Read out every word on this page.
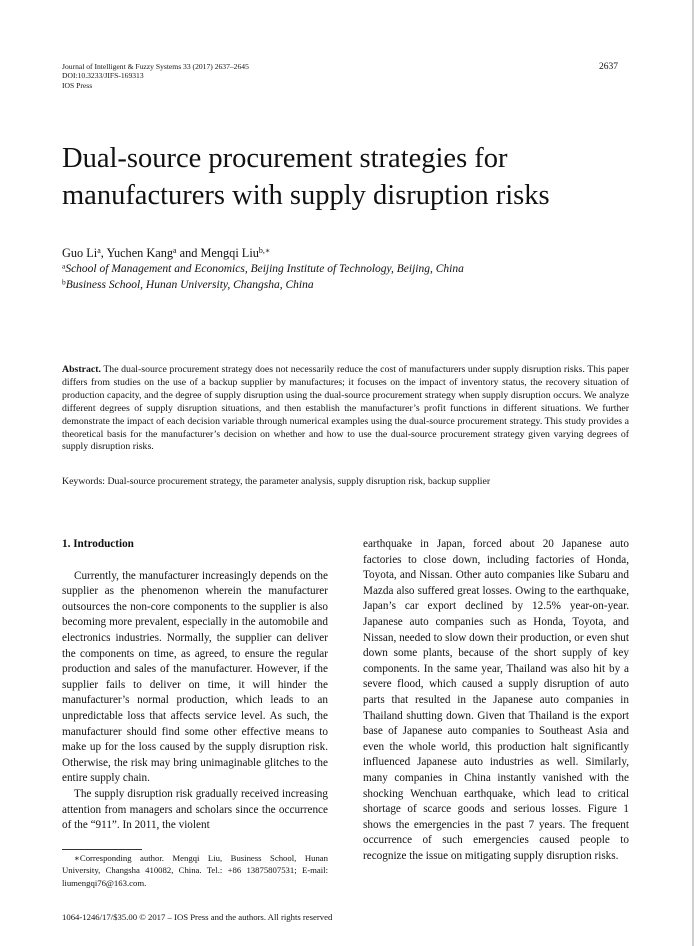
Journal of Intelligent & Fuzzy Systems 33 (2017) 2637–2645
DOI:10.3233/JIFS-169313
IOS Press
2637
Dual-source procurement strategies for
manufacturers with supply disruption risks
Guo Li$^a$, Yuchen Kang$^a$ and Mengqi Liu$^{b,∗}$
$^a$School of Management and Economics, Beijing Institute of Technology, Beijing, China
$^b$Business School, Hunan University, Changsha, China

Abstract. The dual-source procurement strategy does not necessarily reduce the cost of manufacturers under supply disruption risks. This paper differs from studies on the use of a backup supplier by manufactures; it focuses on the impact of inventory status, the recovery situation of production capacity, and the degree of supply disruption using the dual-source procurement strategy when supply disruption occurs. We analyze different degrees of supply disruption situations, and then establish the manufacturer’s profit functions in different situations. We further demonstrate the impact of each decision variable through numerical examples using the dual-source procurement strategy. This study provides a theoretical basis for the manufacturer’s decision on whether and how to use the dual-source procurement strategy given varying degrees of supply disruption risks.

Keywords: Dual-source procurement strategy, the parameter analysis, supply disruption risk, backup supplier
1. Introduction

Currently, the manufacturer increasingly depends on the supplier as the phenomenon wherein the manufacturer outsources the non-core components to the supplier is also becoming more prevalent, especially in the automobile and electronics industries. Normally, the supplier can deliver the components on time, as agreed, to ensure the regular production and sales of the manufacturer. However, if the supplier fails to deliver on time, it will hinder the manufacturer’s normal production, which leads to an unpredictable loss that affects service level. As such, the manufacturer should find some other effective means to make up for the loss caused by the supply disruption risk. Otherwise, the risk may bring unimaginable glitches to the entire supply chain.

The supply disruption risk gradually received increasing attention from managers and scholars since the occurrence of the “911”. In 2011, the violent

earthquake in Japan, forced about 20 Japanese auto factories to close down, including factories of Honda, Toyota, and Nissan. Other auto companies like Subaru and Mazda also suffered great losses. Owing to the earthquake, Japan’s car export declined by 12.5% year-on-year. Japanese auto companies such as Honda, Toyota, and Nissan, needed to slow down their production, or even shut down some plants, because of the short supply of key components. In the same year, Thailand was also hit by a severe flood, which caused a supply disruption of auto parts that resulted in the Japanese auto companies in Thailand shutting down. Given that Thailand is the export base of Japanese auto companies to Southeast Asia and even the whole world, this production halt significantly influenced Japanese auto industries as well. Similarly, many companies in China instantly vanished with the shocking Wenchuan earthquake, which lead to critical shortage of scarce goods and serious losses. Figure 1 shows the emergencies in the past 7 years. The frequent occurrence of such emergencies caused people to recognize the issue on mitigating supply disruption risks.

∗Corresponding author. Mengqi Liu, Business School, Hunan University, Changsha 410082, China. Tel.: +86 13875807531; E-mail: liumengqi76@163.com.

1064-1246/17/$35.00 © 2017 – IOS Press and the authors. All rights reserved
